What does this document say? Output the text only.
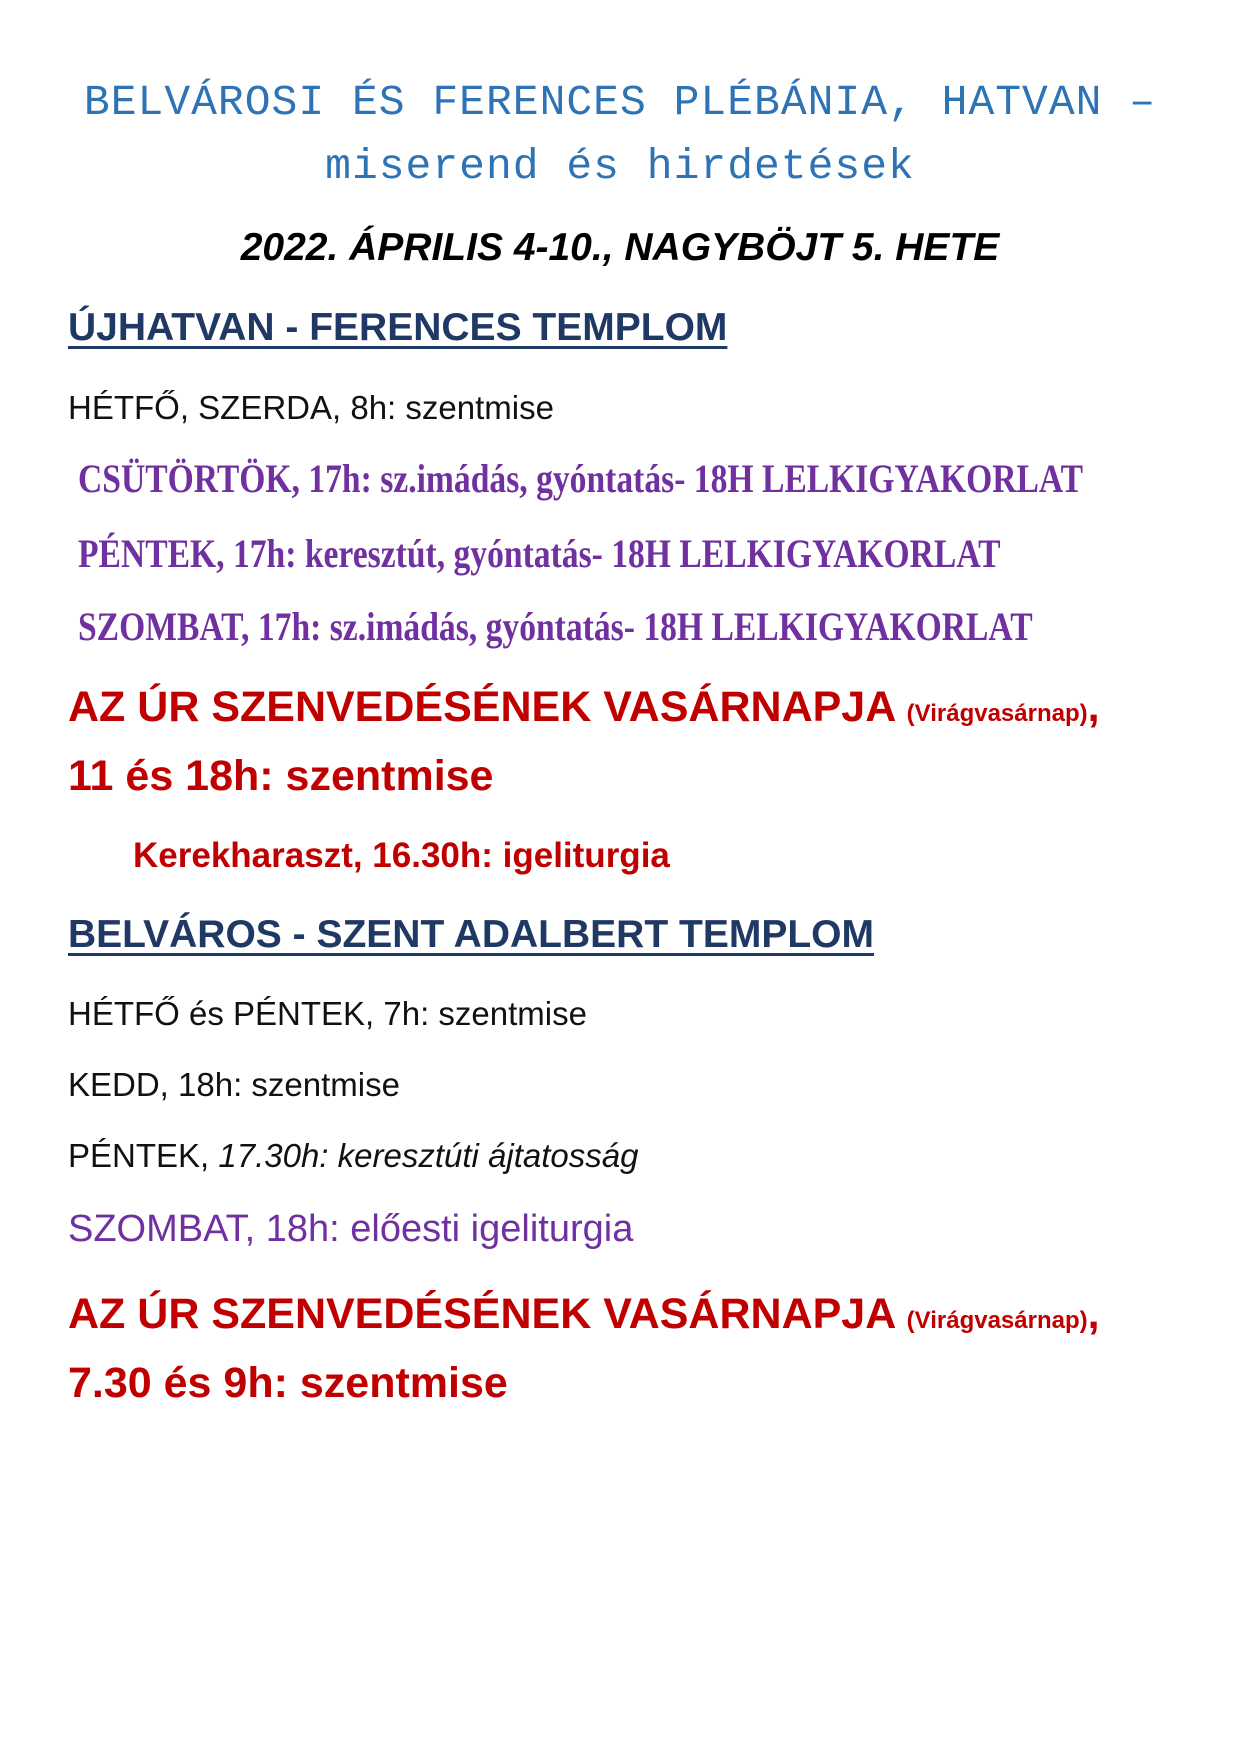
BELVÁROSI ÉS FERENCES PLÉBÁNIA, HATVAN –
miserend és hirdetések
2022. ÁPRILIS 4-10., NAGYBÖJT 5. HETE
ÚJHATVAN - FERENCES TEMPLOM
HÉTFŐ, SZERDA, 8h: szentmise
CSÜTÖRTÖK, 17h: sz.imádás, gyóntatás- 18H LELKIGYAKORLAT
PÉNTEK, 17h: keresztút, gyóntatás- 18H LELKIGYAKORLAT
SZOMBAT, 17h: sz.imádás, gyóntatás- 18H LELKIGYAKORLAT
AZ ÚR SZENVEDÉSÉNEK VASÁRNAPJA (Virágvasárnap),
11 és 18h: szentmise
Kerekharaszt, 16.30h: igeliturgia
BELVÁROS - SZENT ADALBERT TEMPLOM
HÉTFŐ és PÉNTEK, 7h: szentmise
KEDD, 18h: szentmise
PÉNTEK, 17.30h: keresztúti ájtatosság
SZOMBAT, 18h: előesti igeliturgia
AZ ÚR SZENVEDÉSÉNEK VASÁRNAPJA (Virágvasárnap),
7.30 és 9h: szentmise
